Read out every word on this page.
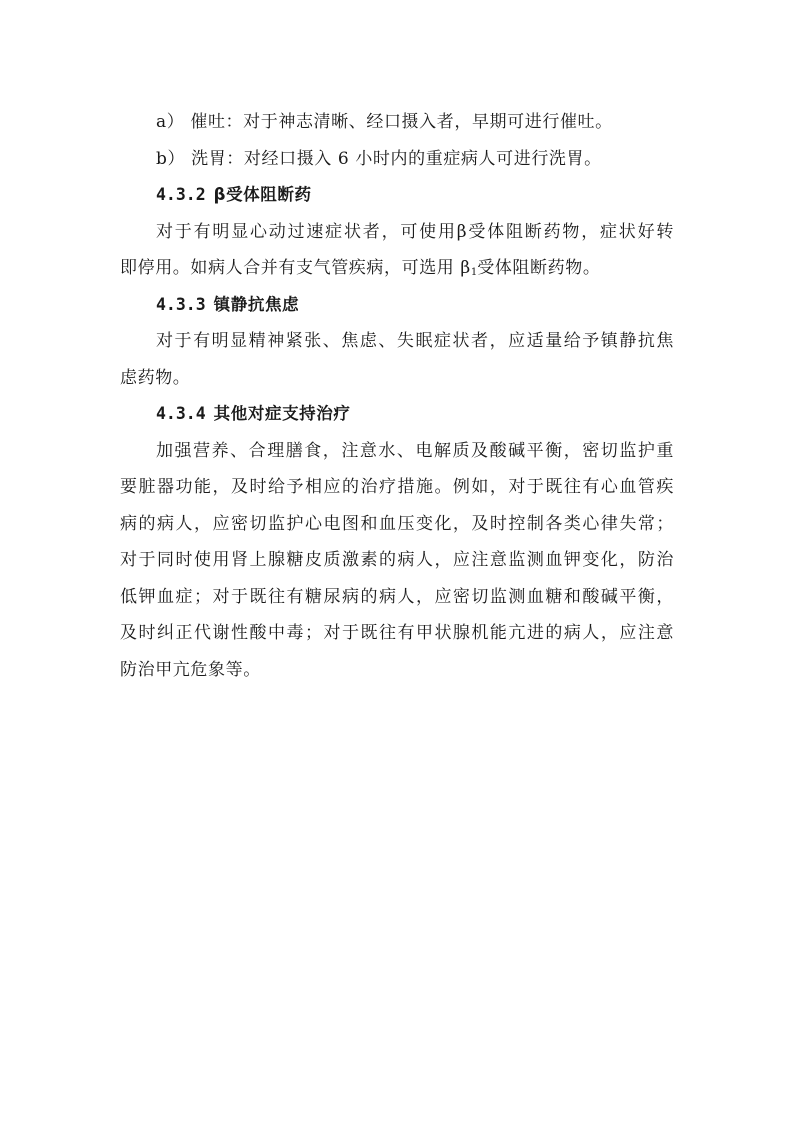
a） 催吐：对于神志清晰、经口摄入者，早期可进行催吐。
b） 洗胃：对经口摄入 6 小时内的重症病人可进行洗胃。
4.3.2 β受体阻断药
对于有明显心动过速症状者，可使用β受体阻断药物，症状好转
即停用。如病人合并有支气管疾病，可选用 $\beta_1$受体阻断药物。
4.3.3 镇静抗焦虑
对于有明显精神紧张、焦虑、失眠症状者，应适量给予镇静抗焦
虑药物。
4.3.4 其他对症支持治疗
加强营养、合理膳食，注意水、电解质及酸碱平衡，密切监护重
要脏器功能，及时给予相应的治疗措施。例如，对于既往有心血管疾
病的病人，应密切监护心电图和血压变化，及时控制各类心律失常；
对于同时使用肾上腺糖皮质激素的病人，应注意监测血钾变化，防治
低钾血症；对于既往有糖尿病的病人，应密切监测血糖和酸碱平衡，
及时纠正代谢性酸中毒；对于既往有甲状腺机能亢进的病人，应注意
防治甲亢危象等。
